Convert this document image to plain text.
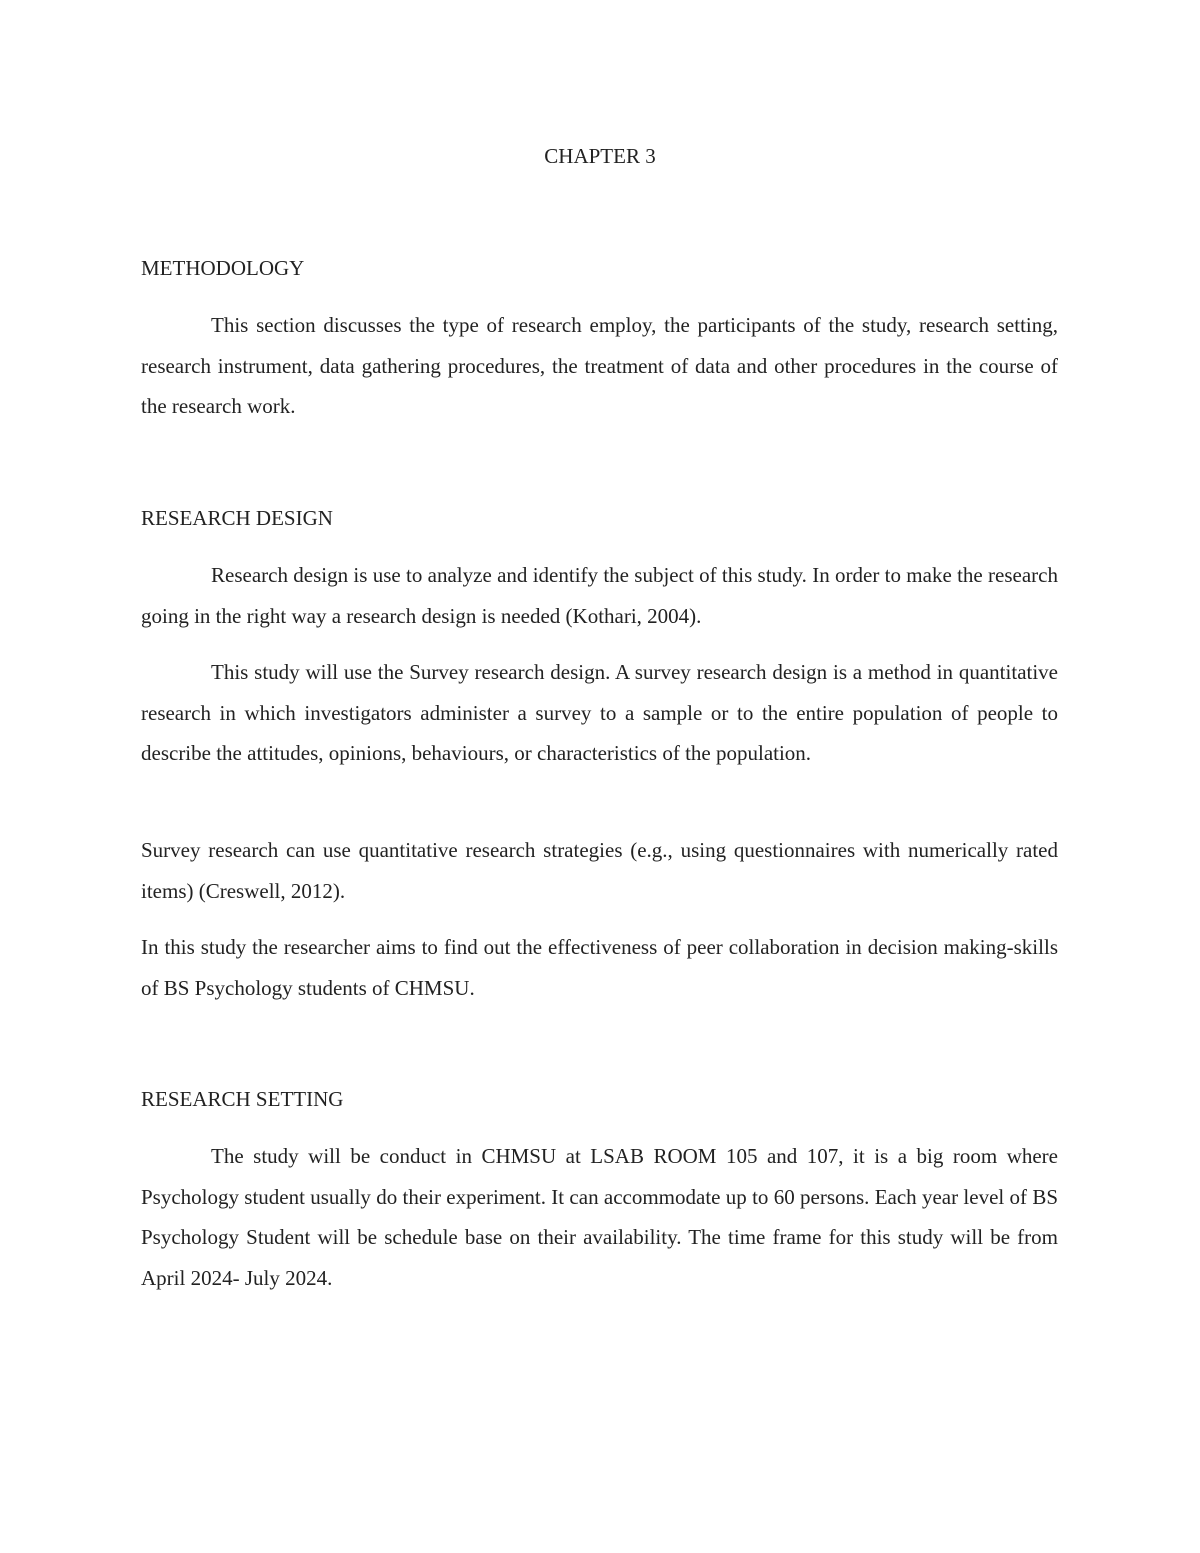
CHAPTER 3

METHODOLOGY

This section discusses the type of research employ, the participants of the study, research setting, research instrument, data gathering procedures, the treatment of data and other procedures in the course of the research work.

RESEARCH DESIGN

Research design is use to analyze and identify the subject of this study. In order to make the research going in the right way a research design is needed (Kothari, 2004).

This study will use the Survey research design. A survey research design is a method in quantitative research in which investigators administer a survey to a sample or to the entire population of people to describe the attitudes, opinions, behaviours, or characteristics of the population.

Survey research can use quantitative research strategies (e.g., using questionnaires with numerically rated items) (Creswell, 2012).

In this study the researcher aims to find out the effectiveness of peer collaboration in decision making-skills of BS Psychology students of CHMSU.

RESEARCH SETTING

The study will be conduct in CHMSU at LSAB ROOM 105 and 107, it is a big room where Psychology student usually do their experiment. It can accommodate up to 60 persons. Each year level of BS Psychology Student will be schedule base on their availability. The time frame for this study will be from April 2024- July 2024.
